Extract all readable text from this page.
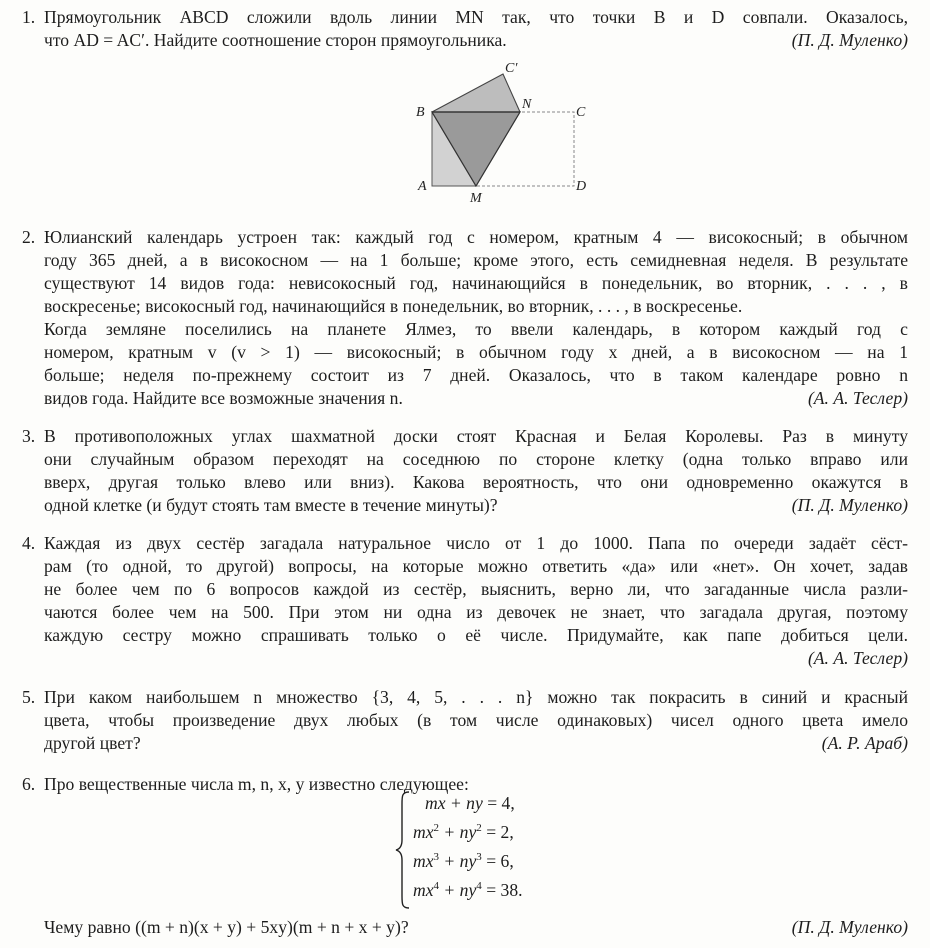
1. Прямоугольник ABCD сложили вдоль линии MN так, что точки B и D совпали. Оказалось,
что AD = AC′. Найдите соотношение сторон прямоугольника.	(П. Д. Муленко)
C′
B
N
C
A
M
D
2. Юлианский календарь устроен так: каждый год с номером, кратным 4 — високосный; в обычном
году 365 дней, а в високосном — на 1 больше; кроме этого, есть семидневная неделя. В результате
существуют 14 видов года: невисокосный год, начинающийся в понедельник, во вторник, . . . , в
воскресенье; високосный год, начинающийся в понедельник, во вторник, . . . , в воскресенье.
Когда земляне поселились на планете Ялмез, то ввели календарь, в котором каждый год с
номером, кратным v (v > 1) — високосный; в обычном году x дней, а в високосном — на 1
больше; неделя по-прежнему состоит из 7 дней. Оказалось, что в таком календаре ровно n
видов года. Найдите все возможные значения n.	(А. А. Теслер)
3. В противоположных углах шахматной доски стоят Красная и Белая Королевы. Раз в минуту
они случайным образом переходят на соседнюю по стороне клетку (одна только вправо или
вверх, другая только влево или вниз). Какова вероятность, что они одновременно окажутся в
одной клетке (и будут стоять там вместе в течение минуты)?	(П. Д. Муленко)
4. Каждая из двух сестёр загадала натуральное число от 1 до 1000. Папа по очереди задаёт сёст-
рам (то одной, то другой) вопросы, на которые можно ответить «да» или «нет». Он хочет, задав
не более чем по 6 вопросов каждой из сестёр, выяснить, верно ли, что загаданные числа разли-
чаются более чем на 500. При этом ни одна из девочек не знает, что загадала другая, поэтому
каждую сестру можно спрашивать только о её числе. Придумайте, как папе добиться цели.
(А. А. Теслер)
5. При каком наибольшем n множество {3, 4, 5, . . . n} можно так покрасить в синий и красный
цвета, чтобы произведение двух любых (в том числе одинаковых) чисел одного цвета имело
другой цвет?	(А. Р. Араб)
6. Про вещественные числа m, n, x, y известно следующее:
mx + ny = 4,
$mx^2 + ny^2 = 2$,
$mx^3 + ny^3 = 6$,
$mx^4 + ny^4 = 38$.
Чему равно ((m + n)(x + y) + 5xy)(m + n + x + y)?	(П. Д. Муленко)
